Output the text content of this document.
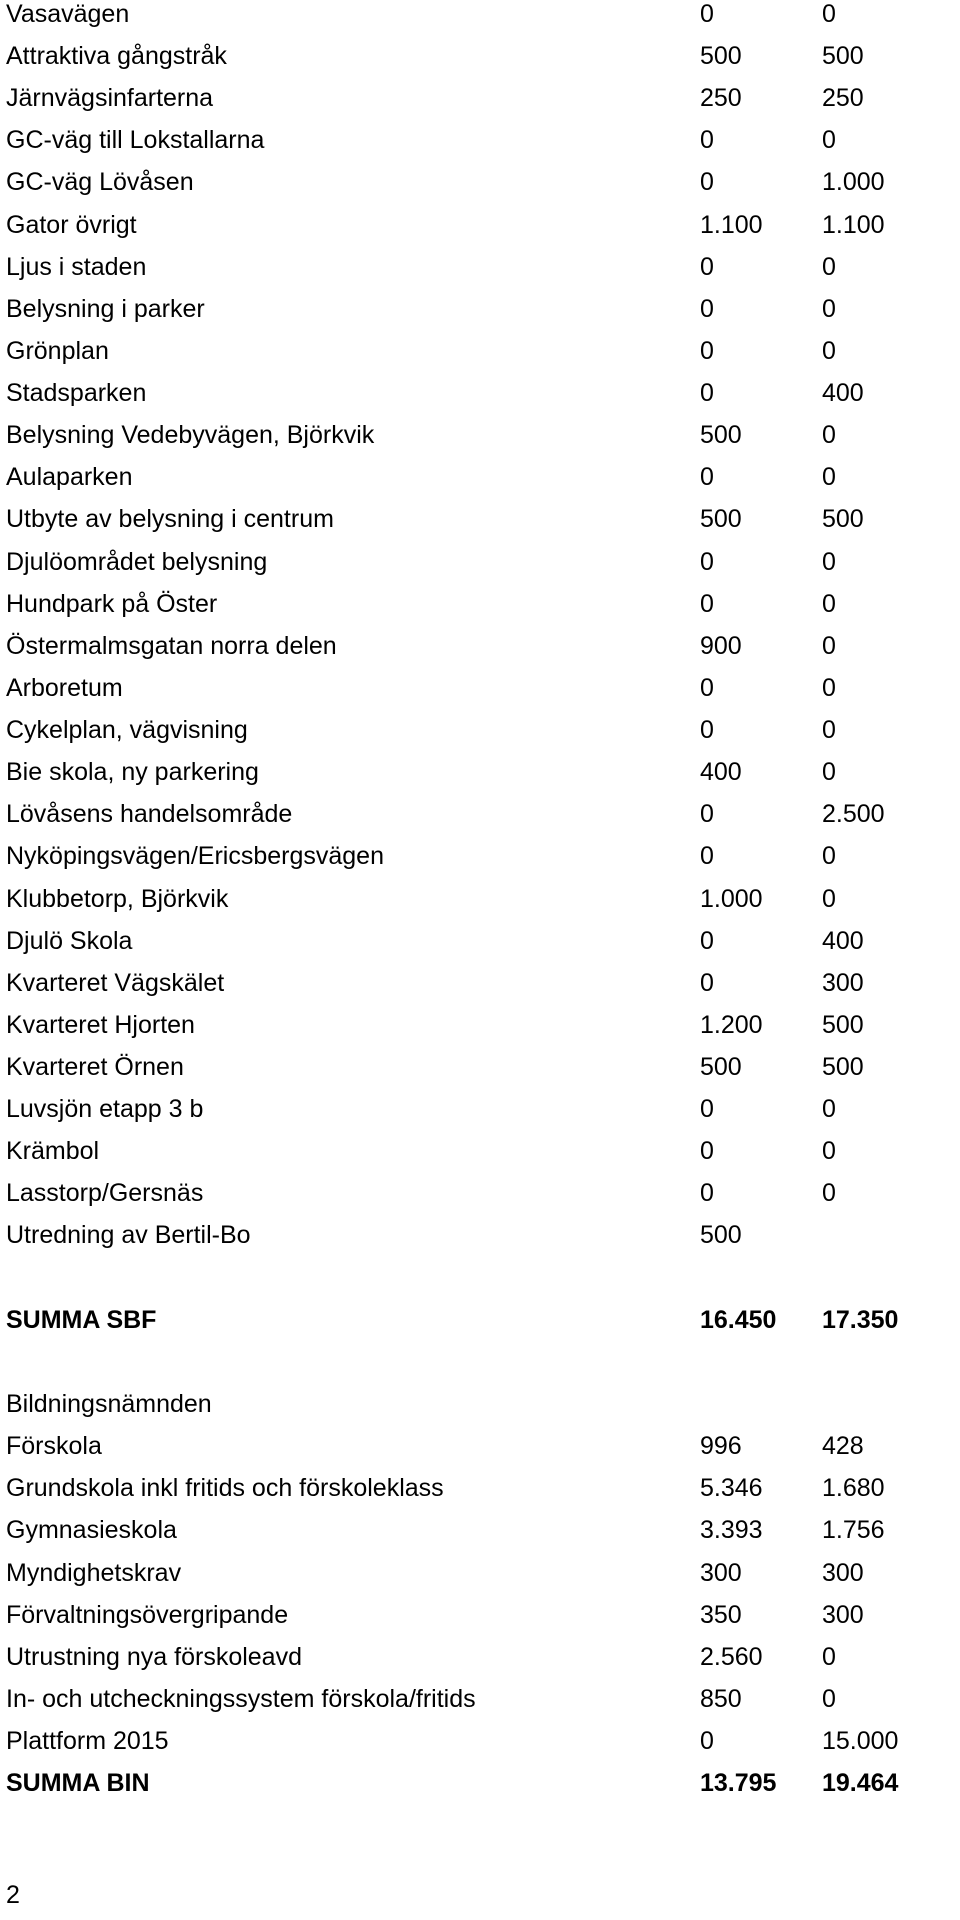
Vasavägen	0	0
Attraktiva gångstråk	500	500
Järnvägsinfarterna	250	250
GC-väg till Lokstallarna	0	0
GC-väg Lövåsen	0	1.000
Gator övrigt	1.100 1.100
Ljus i staden	0	0
Belysning i parker	0	0
Grönplan	0	0
Stadsparken	0	400
Belysning Vedebyvägen, Björkvik	500	0
Aulaparken	0	0
Utbyte av belysning i centrum	500	500
Djulöområdet belysning	0	0
Hundpark på Öster	0	0
Östermalmsgatan norra delen	900	0
Arboretum	0	0
Cykelplan, vägvisning	0	0
Bie skola, ny parkering	400	0
Lövåsens handelsområde	0	2.500
Nyköpingsvägen/Ericsbergsvägen	0	0
Klubbetorp, Björkvik	1.000 0
Djulö Skola	0	400
Kvarteret Vägskälet	0	300
Kvarteret Hjorten	1.200 500
Kvarteret Örnen	500	500
Luvsjön etapp 3 b	0	0
Krämbol	0	0
Lasstorp/Gersnäs	0	0
Utredning av Bertil-Bo	500
SUMMA SBF	16.450 17.350
Bildningsnämnden
Förskola	996	428
Grundskola inkl fritids och förskoleklass	5.346 1.680
Gymnasieskola	3.393 1.756
Myndighetskrav	300	300
Förvaltningsövergripande	350	300
Utrustning nya förskoleavd	2.560 0
In- och utcheckningssystem förskola/fritids	850	0
Plattform 2015	0	15.000
SUMMA BIN	13.795 19.464
2
